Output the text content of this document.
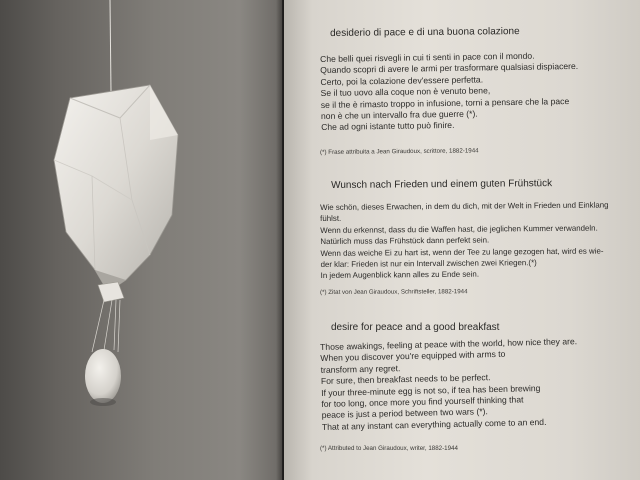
desiderio di pace e di una buona colazione
Che belli quei risvegli in cui ti senti in pace con il mondo.
Quando scopri di avere le armi per trasformare qualsiasi dispiacere.
Certo, poi la colazione dev'essere perfetta.
Se il tuo uovo alla coque non è venuto bene,
se il the è rimasto troppo in infusione, torni a pensare che la pace
non è che un intervallo fra due guerre (*).
Che ad ogni istante tutto può finire.
(*) Frase attribuita a Jean Giraudoux, scrittore, 1882-1944
Wunsch nach Frieden und einem guten Frühstück
Wie schön, dieses Erwachen, in dem du dich, mit der Welt in Frieden und Einklang
fühlst.
Wenn du erkennst, dass du die Waffen hast, die jeglichen Kummer verwandeln.
Natürlich muss das Frühstück dann perfekt sein.
Wenn das weiche Ei zu hart ist, wenn der Tee zu lange gezogen hat, wird es wie-
der klar: Frieden ist nur ein Intervall zwischen zwei Kriegen.(*)
In jedem Augenblick kann alles zu Ende sein.
(*) Zitat von Jean Giraudoux, Schriftsteller, 1882-1944
desire for peace and a good breakfast
Those awakings, feeling at peace with the world, how nice they are.
When you discover you're equipped with arms to
transform any regret.
For sure, then breakfast needs to be perfect.
If your three-minute egg is not so, if tea has been brewing
for too long, once more you find yourself thinking that
peace is just a period between two wars (*).
That at any instant can everything actually come to an end.
(*) Attributed to Jean Giraudoux, writer, 1882-1944
